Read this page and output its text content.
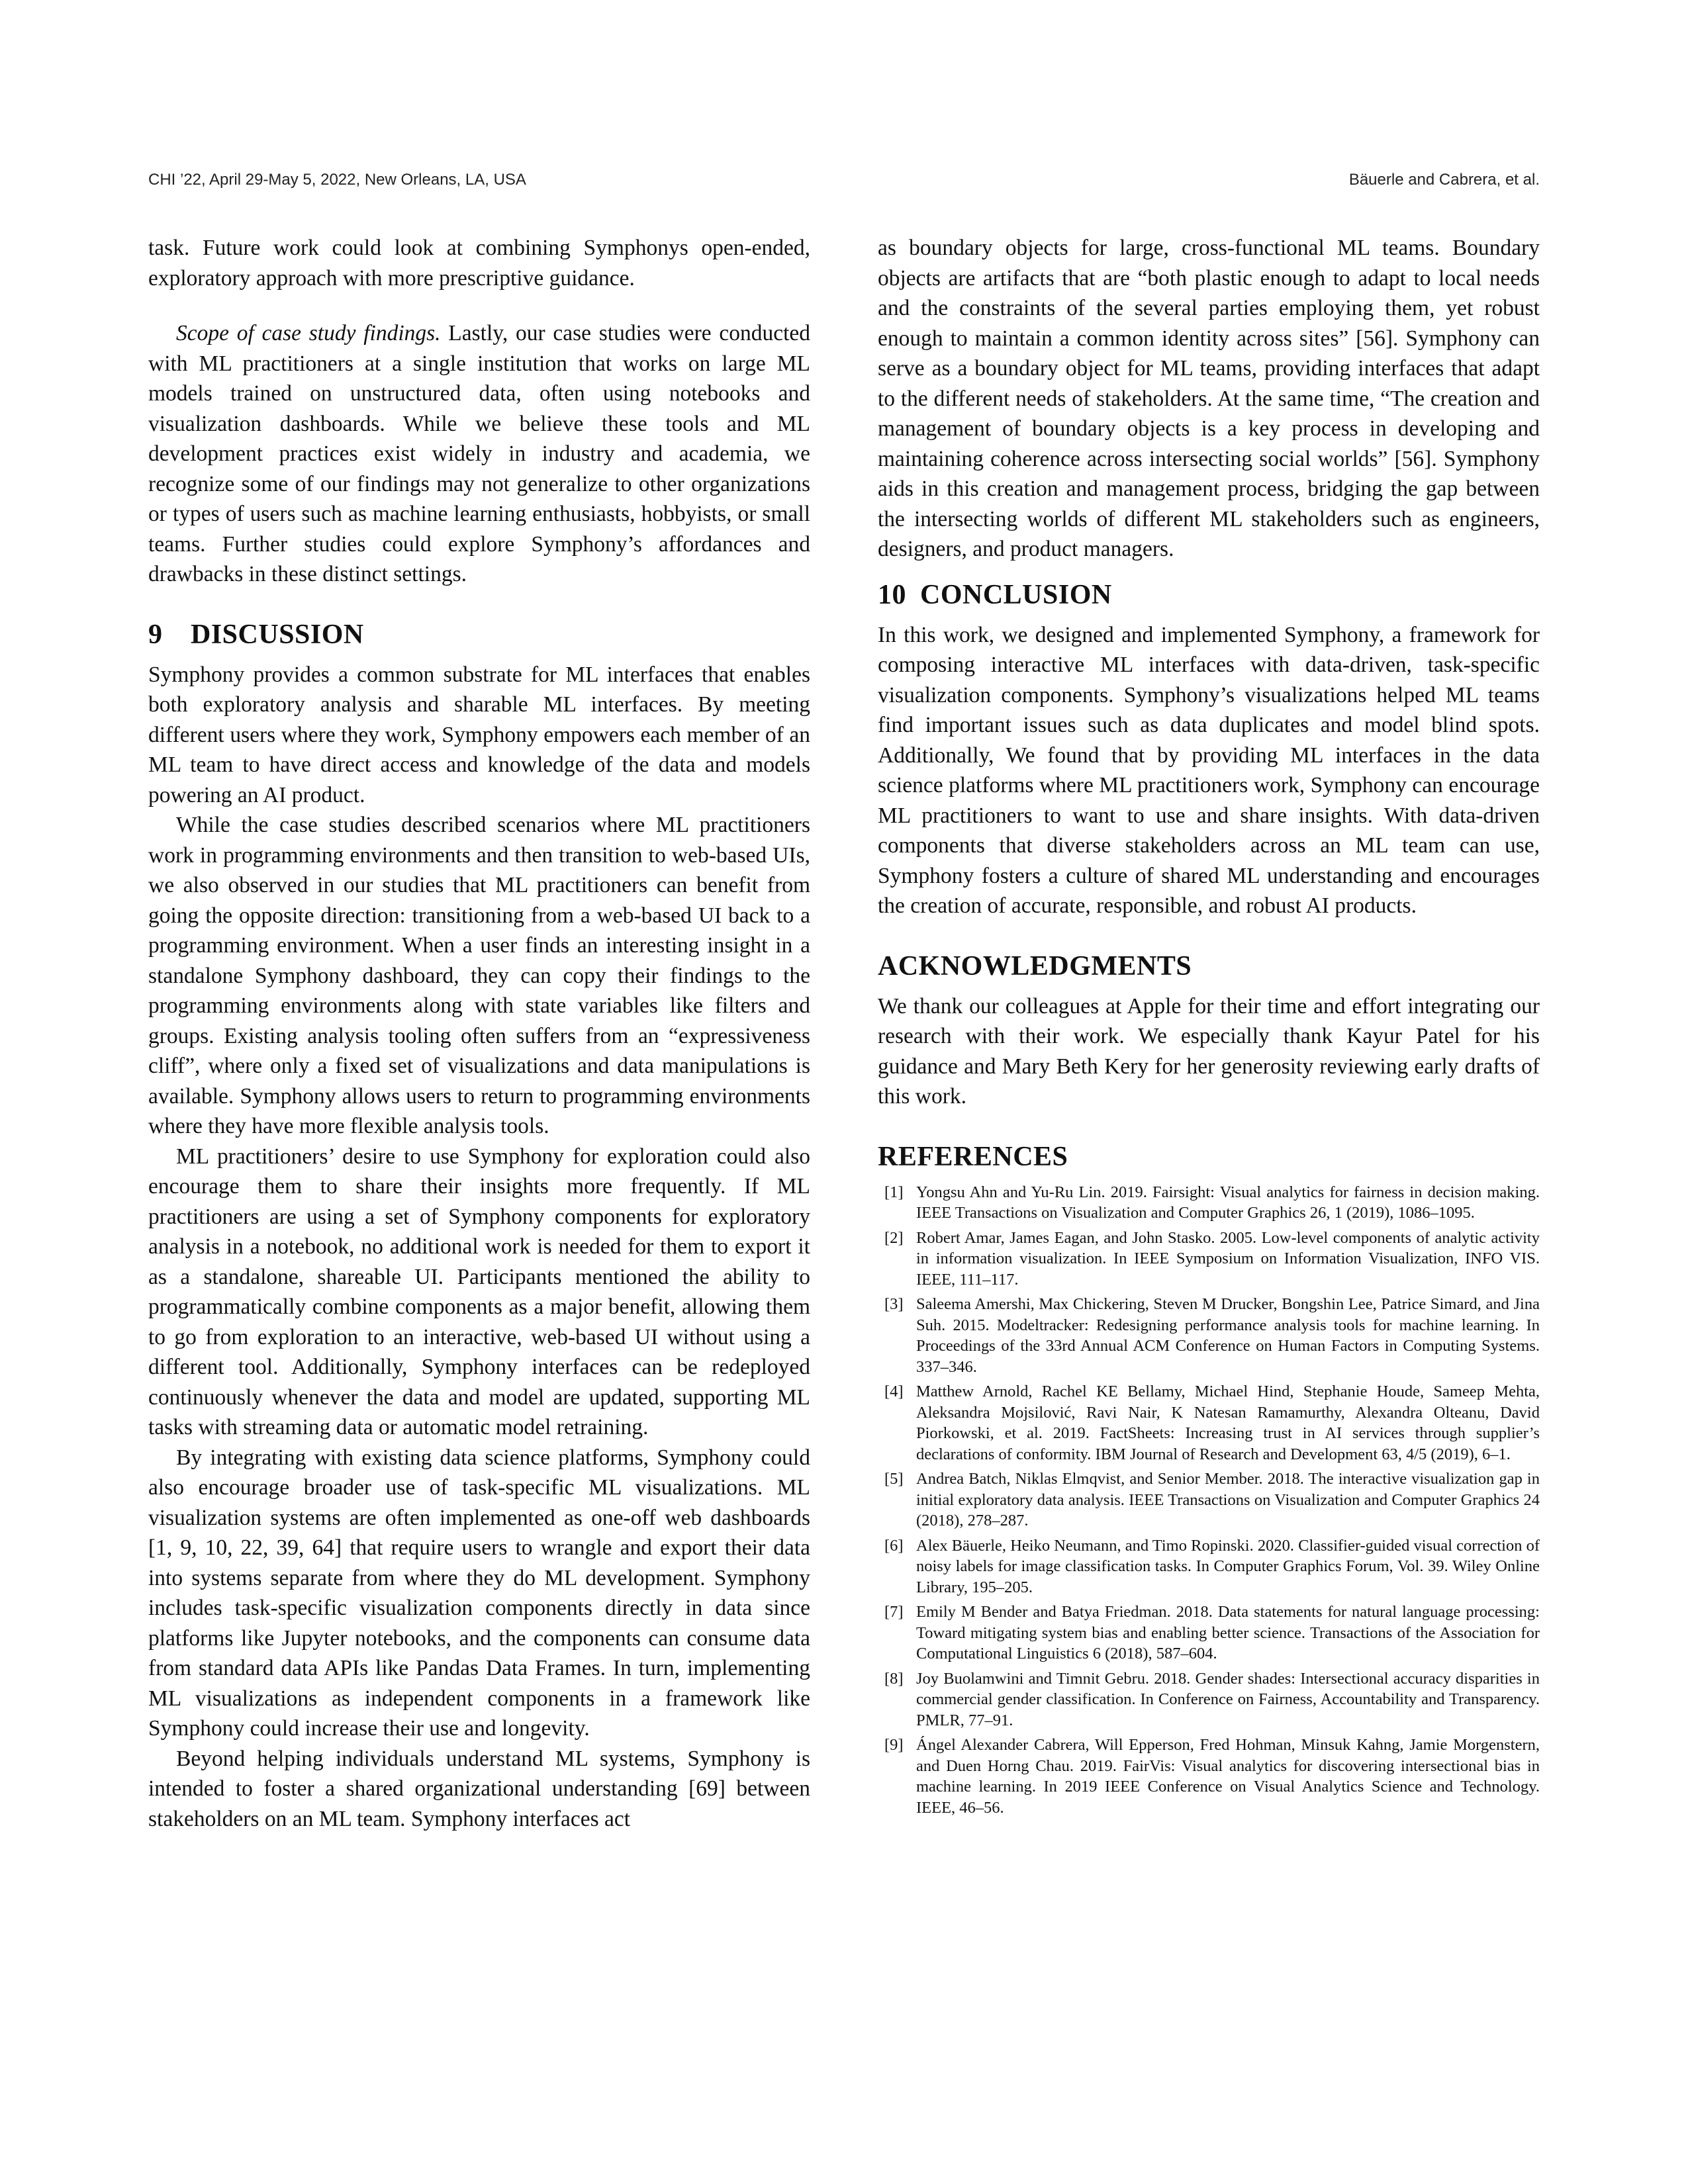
CHI ’22, April 29-May 5, 2022, New Orleans, LA, USA	Bäuerle and Cabrera, et al.

task. Future work could look at combining Symphonys open-ended, exploratory approach with more prescriptive guidance.

Scope of case study findings. Lastly, our case studies were conducted with ML practitioners at a single institution that works on large ML models trained on unstructured data, often using notebooks and visualization dashboards. While we believe these tools and ML development practices exist widely in industry and academia, we recognize some of our findings may not generalize to other organizations or types of users such as machine learning enthusiasts, hobbyists, or small teams. Further studies could explore Symphony’s affordances and drawbacks in these distinct settings.

9 DISCUSSION

Symphony provides a common substrate for ML interfaces that enables both exploratory analysis and sharable ML interfaces. By meeting different users where they work, Symphony empowers each member of an ML team to have direct access and knowledge of the data and models powering an AI product.

While the case studies described scenarios where ML practitioners work in programming environments and then transition to web-based UIs, we also observed in our studies that ML practitioners can benefit from going the opposite direction: transitioning from a web-based UI back to a programming environment. When a user finds an interesting insight in a standalone Symphony dashboard, they can copy their findings to the programming environments along with state variables like filters and groups. Existing analysis tooling often suffers from an “expressiveness cliff”, where only a fixed set of visualizations and data manipulations is available. Symphony allows users to return to programming environments where they have more flexible analysis tools.

ML practitioners’ desire to use Symphony for exploration could also encourage them to share their insights more frequently. If ML practitioners are using a set of Symphony components for exploratory analysis in a notebook, no additional work is needed for them to export it as a standalone, shareable UI. Participants mentioned the ability to programmatically combine components as a major benefit, allowing them to go from exploration to an interactive, web-based UI without using a different tool. Additionally, Symphony interfaces can be redeployed continuously whenever the data and model are updated, supporting ML tasks with streaming data or automatic model retraining.

By integrating with existing data science platforms, Symphony could also encourage broader use of task-specific ML visualizations. ML visualization systems are often implemented as one-off web dashboards [1, 9, 10, 22, 39, 64] that require users to wrangle and export their data into systems separate from where they do ML development. Symphony includes task-specific visualization components directly in data since platforms like Jupyter notebooks, and the components can consume data from standard data APIs like Pandas Data Frames. In turn, implementing ML visualizations as independent components in a framework like Symphony could increase their use and longevity.

Beyond helping individuals understand ML systems, Symphony is intended to foster a shared organizational understanding [69] between stakeholders on an ML team. Symphony interfaces act

as boundary objects for large, cross-functional ML teams. Boundary objects are artifacts that are “both plastic enough to adapt to local needs and the constraints of the several parties employing them, yet robust enough to maintain a common identity across sites” [56]. Symphony can serve as a boundary object for ML teams, providing interfaces that adapt to the different needs of stakeholders. At the same time, “The creation and management of boundary objects is a key process in developing and maintaining coherence across intersecting social worlds” [56]. Symphony aids in this creation and management process, bridging the gap between the intersecting worlds of different ML stakeholders such as engineers, designers, and product managers.

10 CONCLUSION

In this work, we designed and implemented Symphony, a framework for composing interactive ML interfaces with data-driven, task-specific visualization components. Symphony’s visualizations helped ML teams find important issues such as data duplicates and model blind spots. Additionally, We found that by providing ML interfaces in the data science platforms where ML practitioners work, Symphony can encourage ML practitioners to want to use and share insights. With data-driven components that diverse stakeholders across an ML team can use, Symphony fosters a culture of shared ML understanding and encourages the creation of accurate, responsible, and robust AI products.

ACKNOWLEDGMENTS

We thank our colleagues at Apple for their time and effort integrating our research with their work. We especially thank Kayur Patel for his guidance and Mary Beth Kery for her generosity reviewing early drafts of this work.

REFERENCES
[1] Yongsu Ahn and Yu-Ru Lin. 2019. Fairsight: Visual analytics for fairness in decision making. IEEE Transactions on Visualization and Computer Graphics 26, 1 (2019), 1086–1095.
[2] Robert Amar, James Eagan, and John Stasko. 2005. Low-level components of analytic activity in information visualization. In IEEE Symposium on Information Visualization, INFO VIS. IEEE, 111–117.
[3] Saleema Amershi, Max Chickering, Steven M Drucker, Bongshin Lee, Patrice Simard, and Jina Suh. 2015. Modeltracker: Redesigning performance analysis tools for machine learning. In Proceedings of the 33rd Annual ACM Conference on Human Factors in Computing Systems. 337–346.
[4] Matthew Arnold, Rachel KE Bellamy, Michael Hind, Stephanie Houde, Sameep Mehta, Aleksandra Mojsilović, Ravi Nair, K Natesan Ramamurthy, Alexandra Olteanu, David Piorkowski, et al. 2019. FactSheets: Increasing trust in AI services through supplier’s declarations of conformity. IBM Journal of Research and Development 63, 4/5 (2019), 6–1.
[5] Andrea Batch, Niklas Elmqvist, and Senior Member. 2018. The interactive visualization gap in initial exploratory data analysis. IEEE Transactions on Visualization and Computer Graphics 24 (2018), 278–287.
[6] Alex Bäuerle, Heiko Neumann, and Timo Ropinski. 2020. Classifier-guided visual correction of noisy labels for image classification tasks. In Computer Graphics Forum, Vol. 39. Wiley Online Library, 195–205.
[7] Emily M Bender and Batya Friedman. 2018. Data statements for natural language processing: Toward mitigating system bias and enabling better science. Transactions of the Association for Computational Linguistics 6 (2018), 587–604.
[8] Joy Buolamwini and Timnit Gebru. 2018. Gender shades: Intersectional accuracy disparities in commercial gender classification. In Conference on Fairness, Accountability and Transparency. PMLR, 77–91.
[9] Ángel Alexander Cabrera, Will Epperson, Fred Hohman, Minsuk Kahng, Jamie Morgenstern, and Duen Horng Chau. 2019. FairVis: Visual analytics for discovering intersectional bias in machine learning. In 2019 IEEE Conference on Visual Analytics Science and Technology. IEEE, 46–56.
